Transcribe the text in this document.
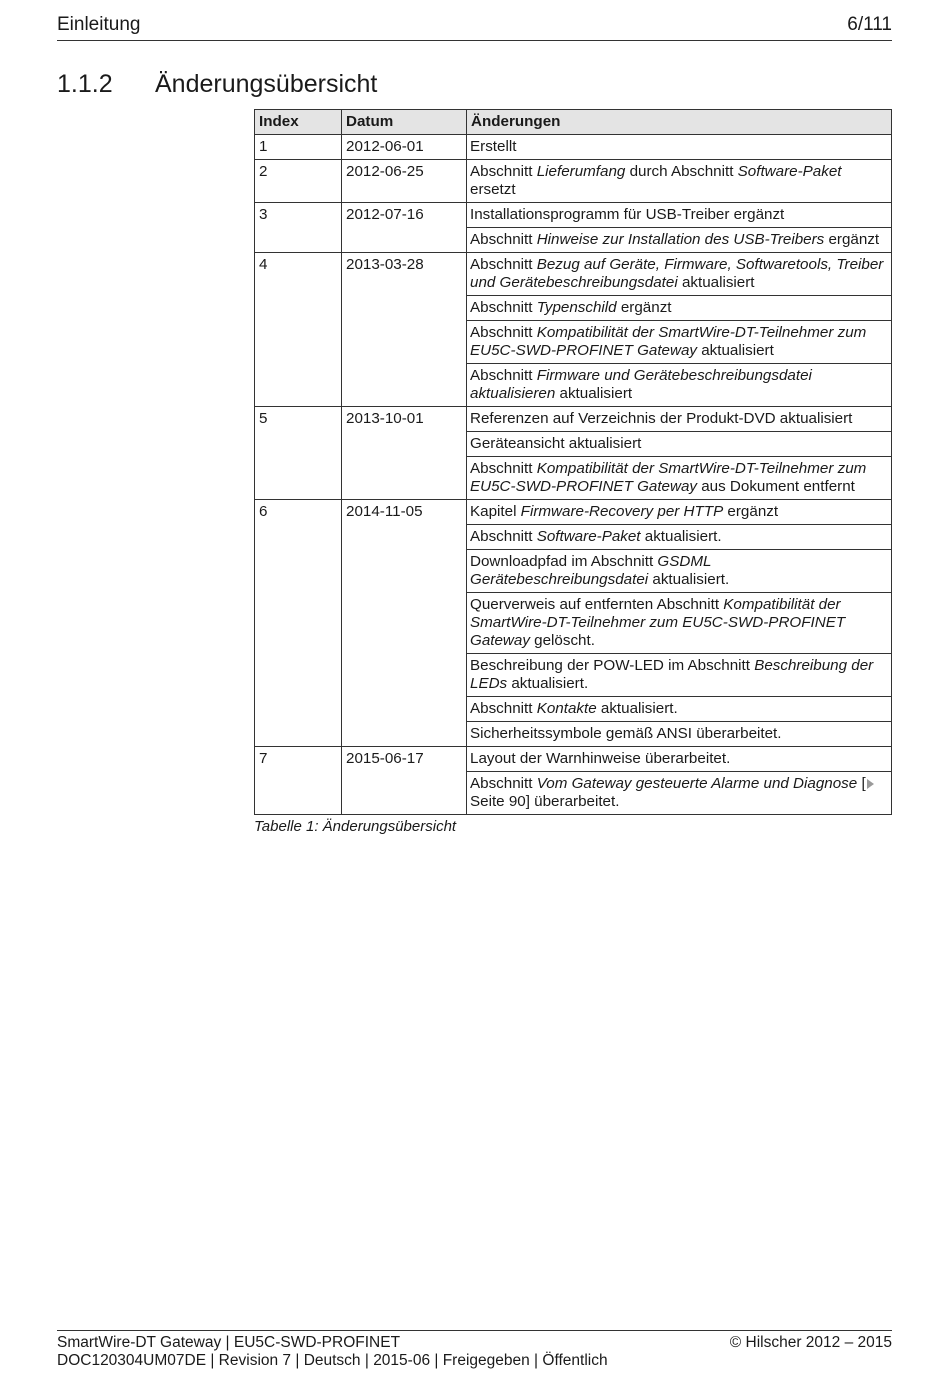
Einleitung	6/111
1.1.2 Änderungsübersicht
Index	Datum	Änderungen
1	2012-06-01	Erstellt
2	2012-06-25	Abschnitt Lieferumfang durch Abschnitt Software-Paket ersetzt
3	2012-07-16	Installationsprogramm für USB-Treiber ergänzt
		Abschnitt Hinweise zur Installation des USB-Treibers ergänzt
4	2013-03-28	Abschnitt Bezug auf Geräte, Firmware, Softwaretools, Treiber und Gerätebeschreibungsdatei aktualisiert
		Abschnitt Typenschild ergänzt
		Abschnitt Kompatibilität der SmartWire-DT-Teilnehmer zum EU5C-SWD-PROFINET Gateway aktualisiert
		Abschnitt Firmware und Gerätebeschreibungsdatei aktualisieren aktualisiert
5	2013-10-01	Referenzen auf Verzeichnis der Produkt-DVD aktualisiert
		Geräteansicht aktualisiert
		Abschnitt Kompatibilität der SmartWire-DT-Teilnehmer zum EU5C-SWD-PROFINET Gateway aus Dokument entfernt
6	2014-11-05	Kapitel Firmware-Recovery per HTTP ergänzt
		Abschnitt Software-Paket aktualisiert.
		Downloadpfad im Abschnitt GSDML Gerätebeschreibungsdatei aktualisiert.
		Querverweis auf entfernten Abschnitt Kompatibilität der SmartWire-DT-Teilnehmer zum EU5C-SWD-PROFINET Gateway gelöscht.
		Beschreibung der POW-LED im Abschnitt Beschreibung der LEDs aktualisiert.
		Abschnitt Kontakte aktualisiert.
		Sicherheitssymbole gemäß ANSI überarbeitet.
7	2015-06-17	Layout der Warnhinweise überarbeitet.
		Abschnitt Vom Gateway gesteuerte Alarme und Diagnose [ Seite 90] überarbeitet.
Tabelle 1: Änderungsübersicht
SmartWire-DT Gateway | EU5C-SWD-PROFINET
DOC120304UM07DE | Revision 7 | Deutsch | 2015-06 | Freigegeben | Öffentlich
© Hilscher 2012 – 2015
